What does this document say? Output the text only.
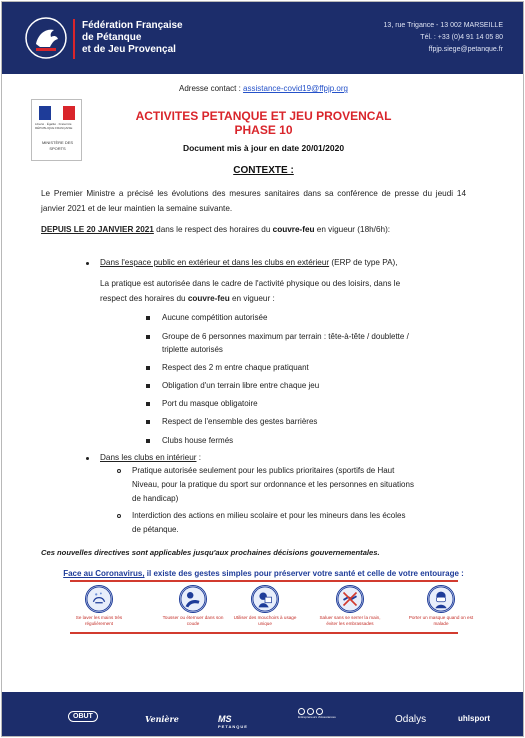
Fédération Française
de Pétanque
et de Jeu Provençal
13, rue Trigance - 13 002 MARSEILLE
Tél. : +33 (0)4 91 14 05 80
ffpjp.siege@petanque.fr
Adresse contact : assistance-covid19@ffpjp.org
Liberté · Égalité · Fraternité RÉPUBLIQUE FRANÇAISE
MINISTÈRE DES SPORTS
ACTIVITES PETANQUE ET JEU PROVENCAL
PHASE 10
Document mis à jour en date 20/01/2020
CONTEXTE :
Le Premier Ministre a précisé les évolutions des mesures sanitaires dans sa conférence de presse du jeudi 14 janvier 2021 et de leur maintien la semaine suivante.
DEPUIS LE 20 JANVIER 2021 dans le respect des horaires du couvre-feu en vigueur (18h/6h):
Dans l'espace public en extérieur et dans les clubs en extérieur (ERP de type PA),
La pratique est autorisée dans le cadre de l'activité physique ou des loisirs, dans le
respect des horaires du couvre-feu en vigueur :
Aucune compétition autorisée
Groupe de 6 personnes maximum par terrain : tête-à-tête / doublette /
triplette autorisés
Respect des 2 m entre chaque pratiquant
Obligation d'un terrain libre entre chaque jeu
Port du masque obligatoire
Respect de l'ensemble des gestes barrières
Clubs house fermés
Dans les clubs en intérieur :
Pratique autorisée seulement pour les publics prioritaires (sportifs de Haut
Niveau, pour la pratique du sport sur ordonnance et les personnes en situations
de handicap)
Interdiction des actions en milieu scolaire et pour les mineurs dans les écoles
de pétanque.
Ces nouvelles directives sont applicables jusqu'aux prochaines décisions gouvernementales.
Face au Coronavirus, il existe des gestes simples pour préserver votre santé et celle de votre entourage :
Se laver les mains très régulièrement
Tousser ou éternuer dans son coude
Utiliser des mouchoirs à usage unique
Saluer sans se serrer la main, éviter les embrassades
Porter un masque quand on est malade
OBUT	Venière	MS
PETANQUE
Entrepreneurs d'Assurances	Odalys	uhlsport
